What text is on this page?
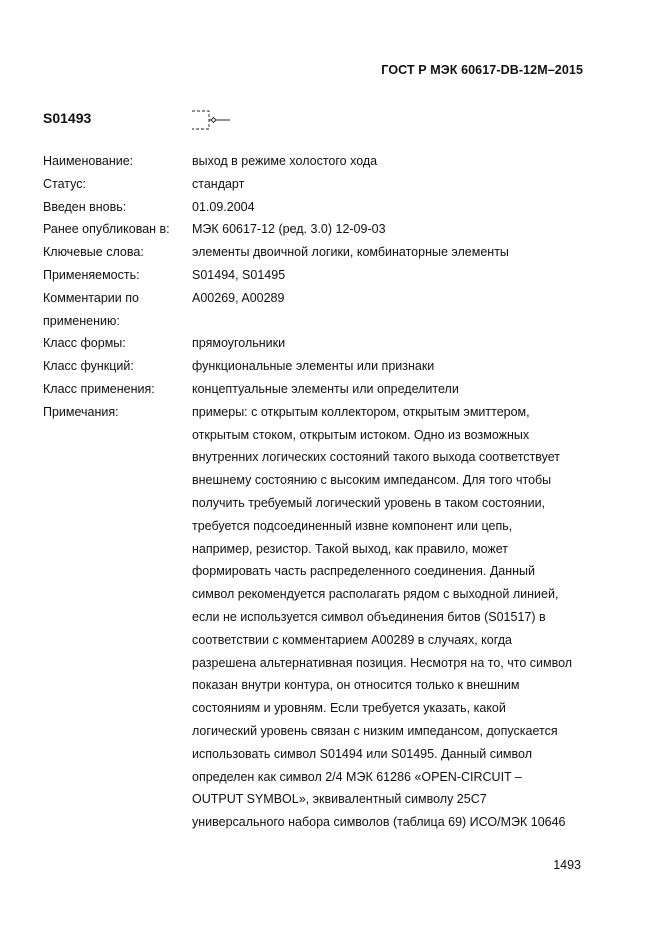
ГОСТ Р МЭК 60617-DB-12M–2015
S01493
Наименование:	выход в режиме холостого хода
Статус:	стандарт
Введен вновь:	01.09.2004
Ранее опубликован в:	МЭК 60617-12 (ред. 3.0) 12-09-03
Ключевые слова:	элементы двоичной логики, комбинаторные элементы
Применяемость:	S01494, S01495
Комментарии по применению:
A00269, A00289
Класс формы:	прямоугольники
Класс функций:	функциональные элементы или признаки
Класс применения:	концептуальные элементы или определители
Примечания:	примеры: с открытым коллектором, открытым эмиттером,
открытым стоком, открытым истоком. Одно из возможных
внутренних логических состояний такого выхода соответствует
внешнему состоянию с высоким импедансом. Для того чтобы
получить требуемый логический уровень в таком состоянии,
требуется подсоединенный извне компонент или цепь,
например, резистор. Такой выход, как правило, может
формировать часть распределенного соединения. Данный
символ рекомендуется располагать рядом с выходной линией,
если не используется символ объединения битов (S01517) в
соответствии с комментарием A00289 в случаях, когда
разрешена альтернативная позиция. Несмотря на то, что символ
показан внутри контура, он относится только к внешним
состояниям и уровням. Если требуется указать, какой
логический уровень связан с низким импедансом, допускается
использовать символ S01494 или S01495. Данный символ
определен как символ 2/4 МЭК 61286 «OPEN-CIRCUIT –
OUTPUT SYMBOL», эквивалентный символу 25C7
универсального набора символов (таблица 69) ИСО/МЭК 10646
1493
